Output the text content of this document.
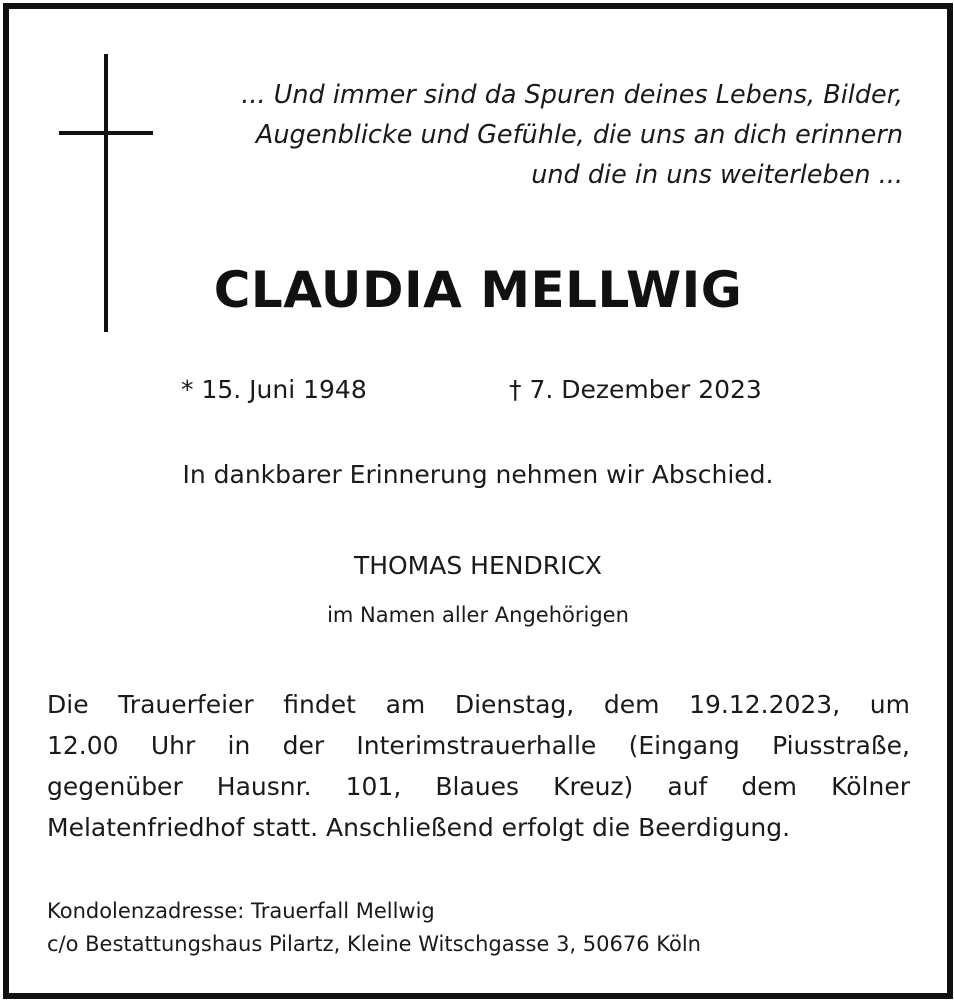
... Und immer sind da Spuren deines Lebens, Bilder,
Augenblicke und Gefühle, die uns an dich erinnern
und die in uns weiterleben ...
CLAUDIA MELLWIG
* 15. Juni 1948	† 7. Dezember 2023
In dankbarer Erinnerung nehmen wir Abschied.
THOMAS HENDRICX
im Namen aller Angehörigen
Die Trauerfeier findet am Dienstag, dem 19.12.2023, um
12.00 Uhr in der Interimstrauerhalle (Eingang Piusstraße,
gegenüber Hausnr. 101, Blaues Kreuz) auf dem Kölner
Melatenfriedhof statt. Anschließend erfolgt die Beerdigung.
Kondolenzadresse: Trauerfall Mellwig
c/o Bestattungshaus Pilartz, Kleine Witschgasse 3, 50676 Köln
